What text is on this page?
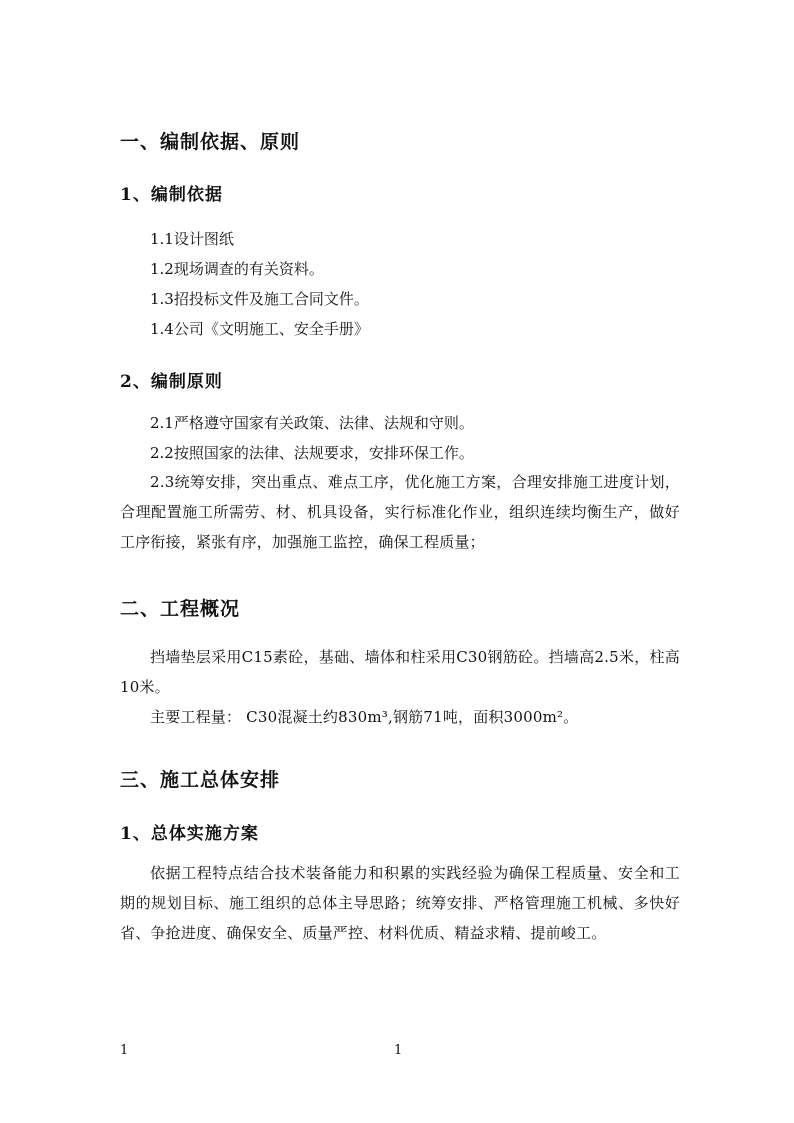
一、编制依据、原则
1、编制依据
1.1设计图纸
1.2现场调查的有关资料。
1.3招投标文件及施工合同文件。
1.4公司《文明施工、安全手册》
2、编制原则
2.1严格遵守国家有关政策、法律、法规和守则。
2.2按照国家的法律、法规要求，安排环保工作。
2.3统筹安排，突出重点、难点工序，优化施工方案，合理安排施工进度计划，合理配置施工所需劳、材、机具设备，实行标准化作业，组织连续均衡生产，做好工序衔接，紧张有序，加强施工监控，确保工程质量；
二、工程概况
挡墙垫层采用C15素砼，基础、墙体和柱采用C30钢筋砼。挡墙高2.5米，柱高10米。
主要工程量： C30混凝土约830m³,钢筋71吨，面积3000m²。
三、施工总体安排
1、总体实施方案
依据工程特点结合技术装备能力和积累的实践经验为确保工程质量、安全和工期的规划目标、施工组织的总体主导思路；统筹安排、严格管理施工机械、多快好省、争抢进度、确保安全、质量严控、材料优质、精益求精、提前峻工。
1	1
